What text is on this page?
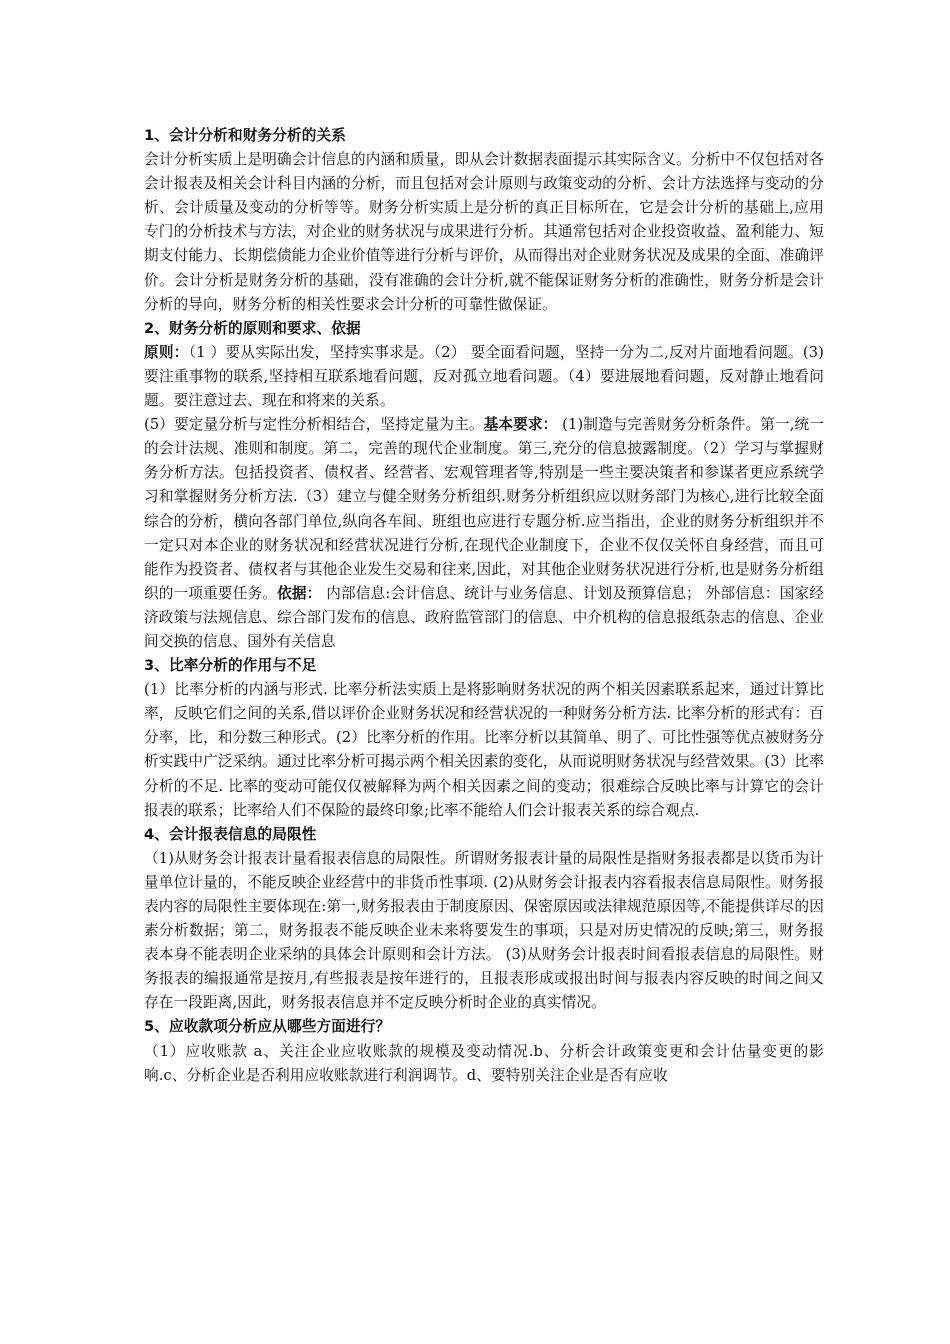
1、会计分析和财务分析的关系

会计分析实质上是明确会计信息的内涵和质量，即从会计数据表面提示其实际含义。分析中不仅包括对各会计报表及相关会计科目内涵的分析，而且包括对会计原则与政策变动的分析、会计方法选择与变动的分析、会计质量及变动的分析等等。财务分析实质上是分析的真正目标所在，它是会计分析的基础上,应用专门的分析技术与方法，对企业的财务状况与成果进行分析。其通常包括对企业投资收益、盈利能力、短期支付能力、长期偿债能力企业价值等进行分析与评价，从而得出对企业财务状况及成果的全面、准确评价。会计分析是财务分析的基础，没有准确的会计分析,就不能保证财务分析的准确性，财务分析是会计分析的导向，财务分析的相关性要求会计分析的可靠性做保证。

2、财务分析的原则和要求、依据

原则：（1 ）要从实际出发，坚持实事求是。（2） 要全面看问题，坚持一分为二,反对片面地看问题。(3)　要注重事物的联系,坚持相互联系地看问题，反对孤立地看问题。（4）要进展地看问题，反对静止地看问题。要注意过去、现在和将来的关系。

(5）要定量分析与定性分析相结合，坚持定量为主。基本要求： (1)制造与完善财务分析条件。第一,统一的会计法规、准则和制度。第二，完善的现代企业制度。第三,充分的信息披露制度。（2）学习与掌握财务分析方法。包括投资者、债权者、经营者、宏观管理者等,特别是一些主要决策者和参谋者更应系统学习和掌握财务分析方法.（3）建立与健全财务分析组织.财务分析组织应以财务部门为核心,进行比较全面综合的分析，横向各部门单位,纵向各车间、班组也应进行专题分析.应当指出，企业的财务分析组织并不一定只对本企业的财务状况和经营状况进行分析,在现代企业制度下，企业不仅仅关怀自身经营，而且可能作为投资者、债权者与其他企业发生交易和往来,因此，对其他企业财务状况进行分析,也是财务分析组织的一项重要任务。依据： 内部信息:会计信息、统计与业务信息、计划及预算信息； 外部信息：国家经济政策与法规信息、综合部门发布的信息、政府监管部门的信息、中介机构的信息报纸杂志的信息、企业间交换的信息、国外有关信息

3、比率分析的作用与不足

(1）比率分析的内涵与形式. 比率分析法实质上是将影响财务状况的两个相关因素联系起来，通过计算比率，反映它们之间的关系,借以评价企业财务状况和经营状况的一种财务分析方法. 比率分析的形式有：百分率，比，和分数三种形式。(2）比率分析的作用。比率分析以其简单、明了、可比性强等优点被财务分析实践中广泛采纳。通过比率分析可揭示两个相关因素的变化，从而说明财务状况与经营效果。(3）比率分析的不足. 比率的变动可能仅仅被解释为两个相关因素之间的变动；很难综合反映比率与计算它的会计报表的联系；比率给人们不保险的最终印象;比率不能给人们会计报表关系的综合观点.

4、会计报表信息的局限性

（1)从财务会计报表计量看报表信息的局限性。所谓财务报表计量的局限性是指财务报表都是以货币为计量单位计量的，不能反映企业经营中的非货币性事项. (2)从财务会计报表内容看报表信息局限性。财务报表内容的局限性主要体现在:第一,财务报表由于制度原因、保密原因或法律规范原因等,不能提供详尽的因素分析数据；第二，财务报表不能反映企业未来将要发生的事项，只是对历史情况的反映;第三，财务报表本身不能表明企业采纳的具体会计原则和会计方法。 (3)从财务会计报表时间看报表信息的局限性。财务报表的编报通常是按月,有些报表是按年进行的，且报表形成或报出时间与报表内容反映的时间之间又存在一段距离,因此，财务报表信息并不定反映分析时企业的真实情况。

5、应收款项分析应从哪些方面进行？

（1）应收账款 a、关注企业应收账款的规模及变动情况.b、分析会计政策变更和会计估量变更的影响.c、分析企业是否利用应收账款进行利润调节。d、要特别关注企业是否有应收
